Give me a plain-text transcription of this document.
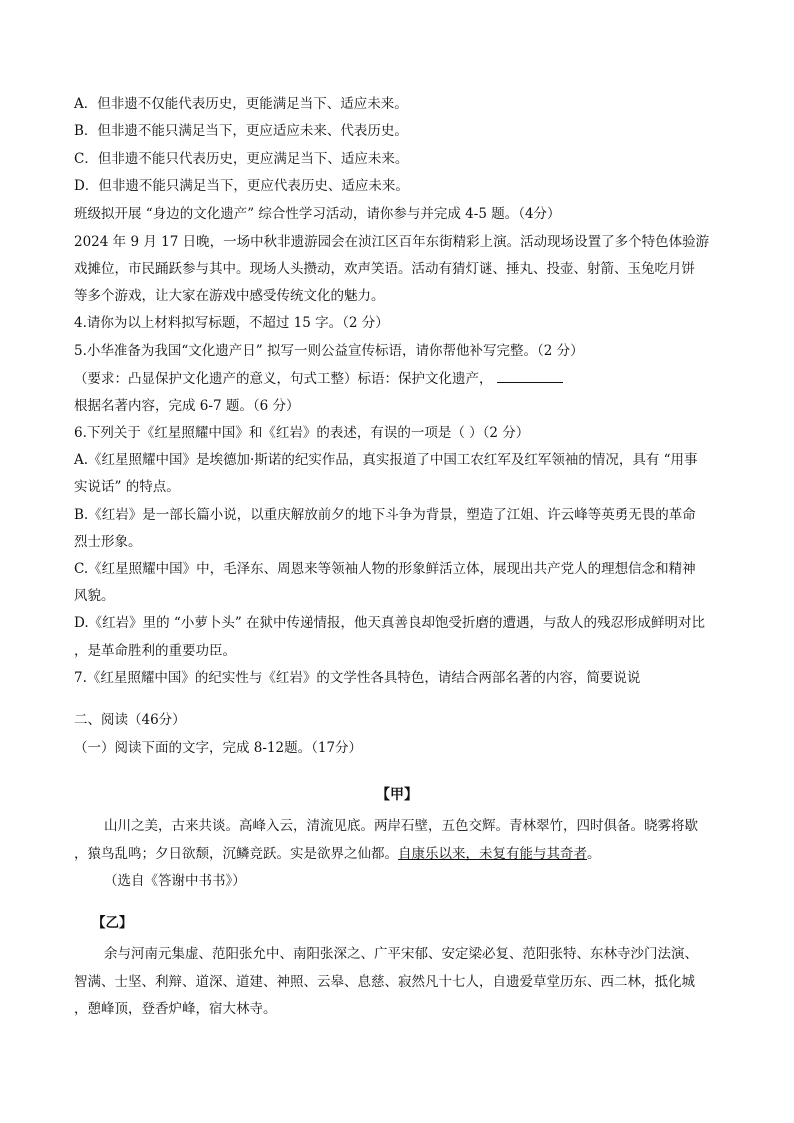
A．但非遗不仅能代表历史，更能满足当下、适应未来。
B．但非遗不能只满足当下，更应适应未来、代表历史。
C．但非遗不能只代表历史，更应满足当下、适应未来。
D．但非遗不能只满足当下，更应代表历史、适应未来。
班级拟开展 “身边的文化遗产” 综合性学习活动，请你参与并完成 4-5 题。（4分）
2024 年 9 月 17 日晚，一场中秋非遗游园会在浈江区百年东街精彩上演。活动现场设置了多个特色体验游
戏摊位，市民踊跃参与其中。现场人头攒动，欢声笑语。活动有猜灯谜、捶丸、投壶、射箭、玉兔吃月饼
等多个游戏，让大家在游戏中感受传统文化的魅力。
4.请你为以上材料拟写标题，不超过 15 字。（2 分）
5.小华准备为我国“文化遗产日” 拟写一则公益宣传标语，请你帮他补写完整。（2 分）
（要求：凸显保护文化遗产的意义，句式工整）标语：保护文化遗产，
根据名著内容，完成 6-7 题。（6 分）
6.下列关于《红星照耀中国》和《红岩》的表述，有误的一项是（ ）（2 分）
A.《红星照耀中国》是埃德加·斯诺的纪实作品，真实报道了中国工农红军及红军领袖的情况，具有 “用事
实说话” 的特点。
B.《红岩》是一部长篇小说，以重庆解放前夕的地下斗争为背景，塑造了江姐、许云峰等英勇无畏的革命
烈士形象。
C.《红星照耀中国》中，毛泽东、周恩来等领袖人物的形象鲜活立体，展现出共产党人的理想信念和精神
风貌。
D.《红岩》里的 “小萝卜头” 在狱中传递情报，他天真善良却饱受折磨的遭遇，与敌人的残忍形成鲜明对比
，是革命胜利的重要功臣。
7.《红星照耀中国》的纪实性与《红岩》的文学性各具特色，请结合两部名著的内容，简要说说
二、阅读（46分）
（一）阅读下面的文字，完成 8-12题。（17分）
【甲】
山川之美，古来共谈。高峰入云，清流见底。两岸石壁，五色交辉。青林翠竹，四时俱备。晓雾将歇
，猿鸟乱鸣；夕日欲颓，沉鳞竞跃。实是欲界之仙都。自康乐以来，未复有能与其奇者。
（选自《答谢中书书》）
【乙】
余与河南元集虚、范阳张允中、南阳张深之、广平宋郁、安定梁必复、范阳张特、东林寺沙门法演、
智满、士坚、利辩、道深、道建、神照、云皋、息慈、寂然凡十七人，自遗爱草堂历东、西二林，抵化城
，憩峰顶，登香炉峰，宿大林寺。
